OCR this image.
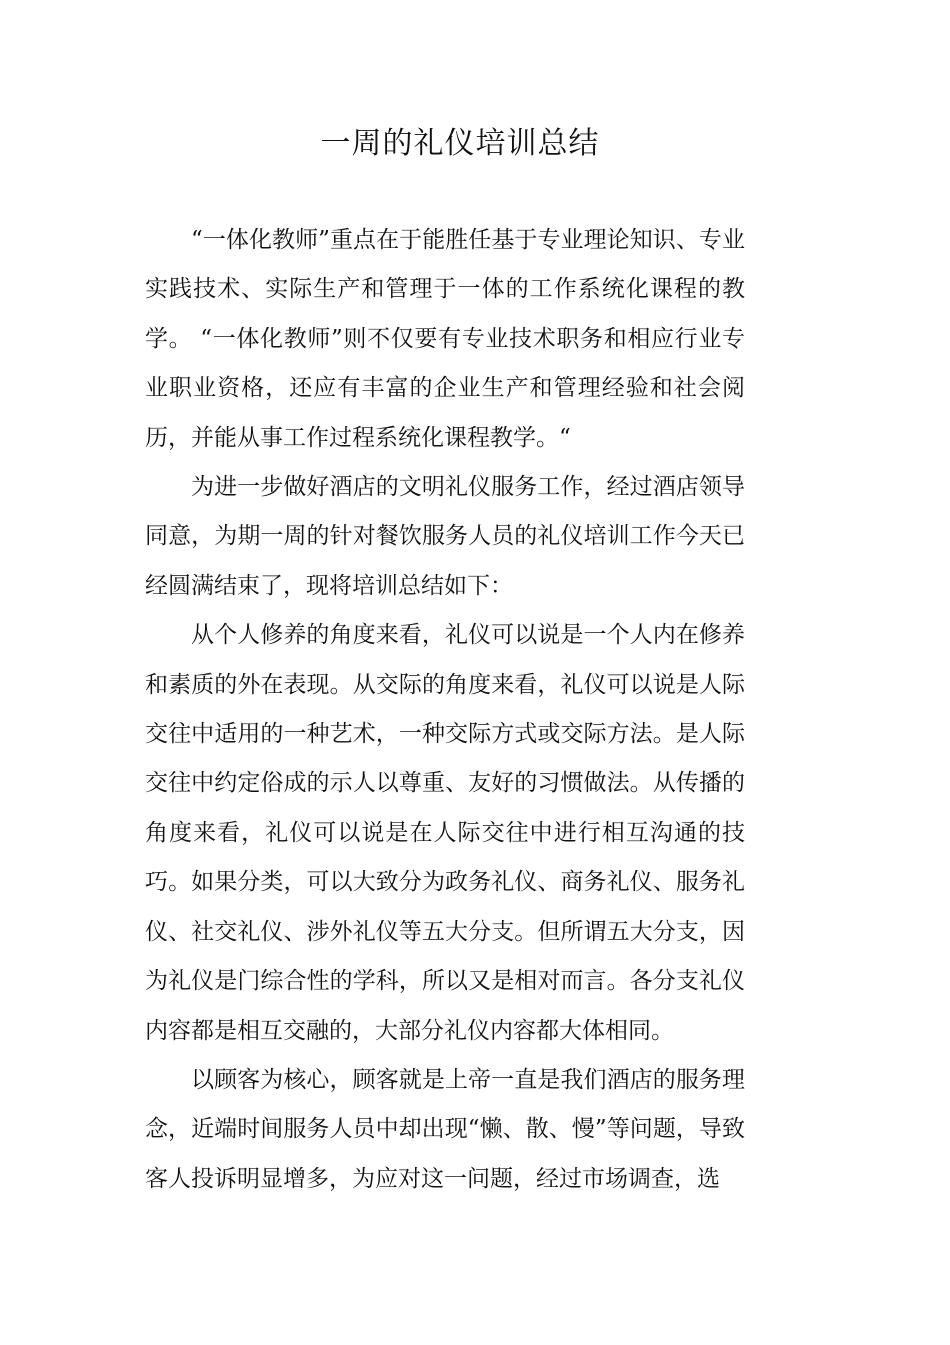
一周的礼仪培训总结

“一体化教师”重点在于能胜任基于专业理论知识、专业实践技术、实际生产和管理于一体的工作系统化课程的教学。 “一体化教师”则不仅要有专业技术职务和相应行业专业职业资格，还应有丰富的企业生产和管理经验和社会阅历，并能从事工作过程系统化课程教学。“

为进一步做好酒店的文明礼仪服务工作，经过酒店领导同意，为期一周的针对餐饮服务人员的礼仪培训工作今天已经圆满结束了，现将培训总结如下：

从个人修养的角度来看，礼仪可以说是一个人内在修养和素质的外在表现。从交际的角度来看，礼仪可以说是人际交往中适用的一种艺术，一种交际方式或交际方法。是人际交往中约定俗成的示人以尊重、友好的习惯做法。从传播的角度来看，礼仪可以说是在人际交往中进行相互沟通的技巧。如果分类，可以大致分为政务礼仪、商务礼仪、服务礼仪、社交礼仪、涉外礼仪等五大分支。但所谓五大分支，因为礼仪是门综合性的学科，所以又是相对而言。各分支礼仪内容都是相互交融的，大部分礼仪内容都大体相同。

以顾客为核心，顾客就是上帝一直是我们酒店的服务理念，近端时间服务人员中却出现“懒、散、慢”等问题，导致客人投诉明显增多，为应对这一问题，经过市场调查，选
